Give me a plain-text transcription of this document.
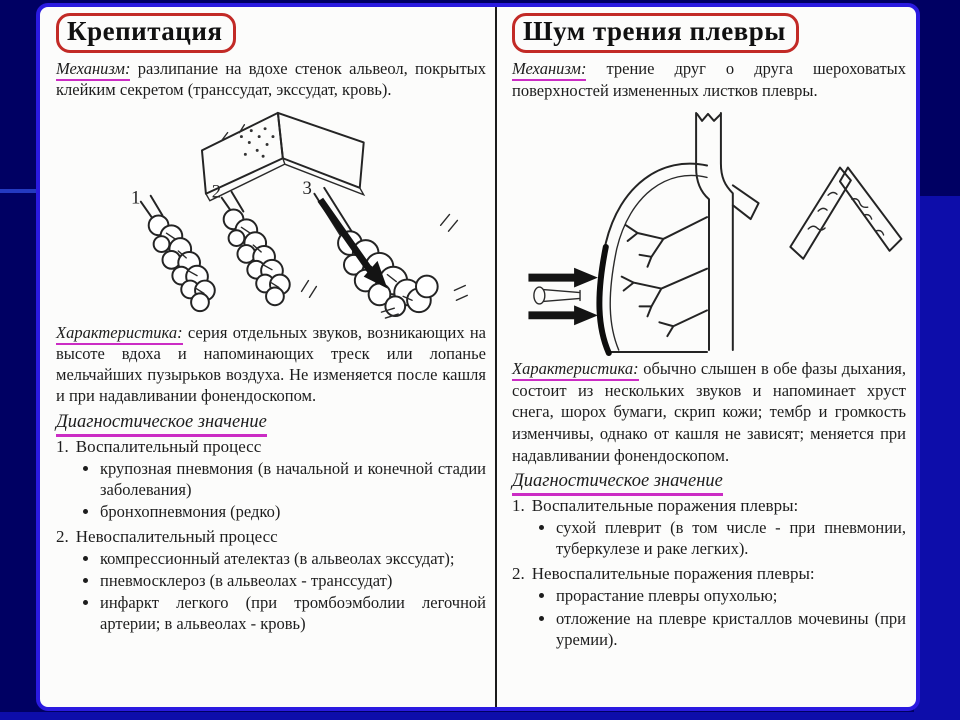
Крепитация

Механизм: разлипание на вдохе стенок альвеол, покрытых клейким секретом (транссудат, экссудат, кровь).

1	2	3

Характеристика: серия отдельных звуков, возникающих на высоте вдоха и напоминающих треск или лопанье мельчайших пузырьков воздуха. Не изменяется после кашля и при надавливании фонендоскопом.

Диагностическое значение
1. Воспалительный процесс
• крупозная пневмония (в начальной и конечной стадии заболевания)
• бронхопневмония (редко)
2. Невоспалительный процесс
• компрессионный ателектаз (в альвеолах экссудат);
• пневмосклероз (в альвеолах - транссудат)
• инфаркт легкого (при тромбоэмболии легочной артерии; в альвеолах - кровь)
Шум трения плевры

Механизм: трение друг о друга шероховатых поверхностей измененных листков плевры.

Характеристика: обычно слышен в обе фазы дыхания, состоит из нескольких звуков и напоминает хруст снега, шорох бумаги, скрип кожи; тембр и громкость изменчивы, однако от кашля не зависят; меняется при надавливании фонендоскопом.

Диагностическое значение
1. Воспалительные поражения плевры:
• сухой плеврит (в том числе - при пневмонии, туберкулезе и раке легких).
2. Невоспалительные поражения плевры:
• прорастание плевры опухолью;
• отложение на плевре кристаллов мочевины (при уремии).
